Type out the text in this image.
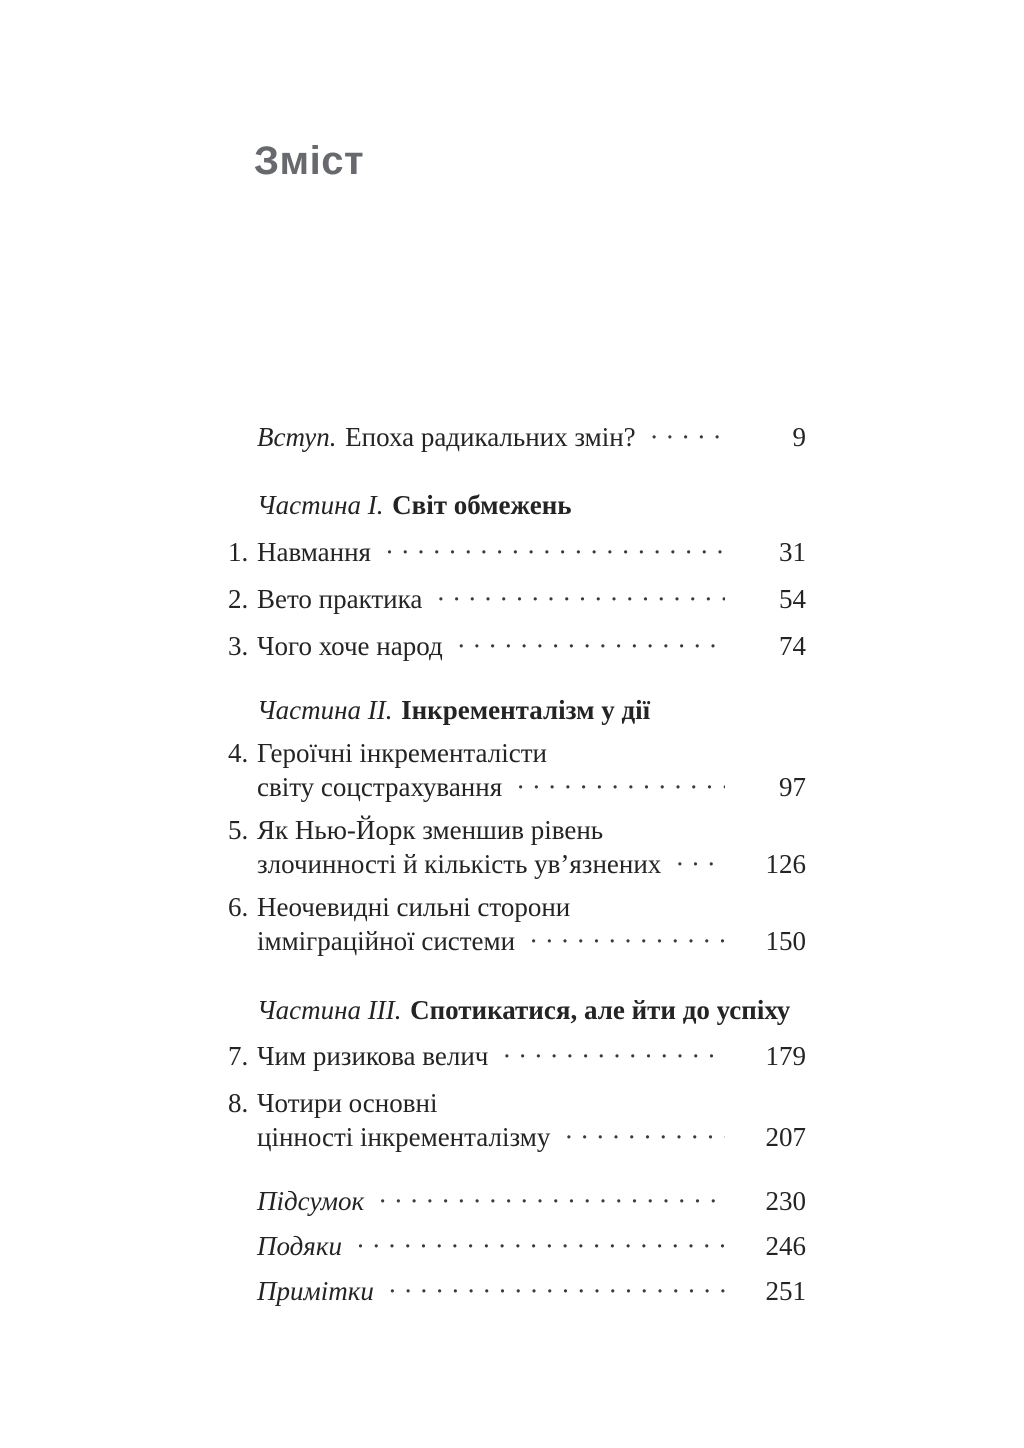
Зміст
Вступ. Епоха радикальних змін? · · ·	9
Частина I. Світ обмежень
1. Навмання · · ·	31
2. Вето практика · · ·	54
3. Чого хоче народ · · ·	74
Частина II. Інкременталізм у дії
4. Героїчні інкременталісти
світу соцстрахування · · ·	97
5. Як Нью-Йорк зменшив рівень
злочинності й кількість ув’язнених · · ·	126
6. Неочевидні сильні сторони
імміграційної системи · · ·	150
Частина III. Спотикатися, але йти до успіху
7. Чим ризикова велич · · ·	179
8. Чотири основні
цінності інкременталізму · · ·	207
Підсумок · · ·	230
Подяки · · ·	246
Примітки · · ·	251
